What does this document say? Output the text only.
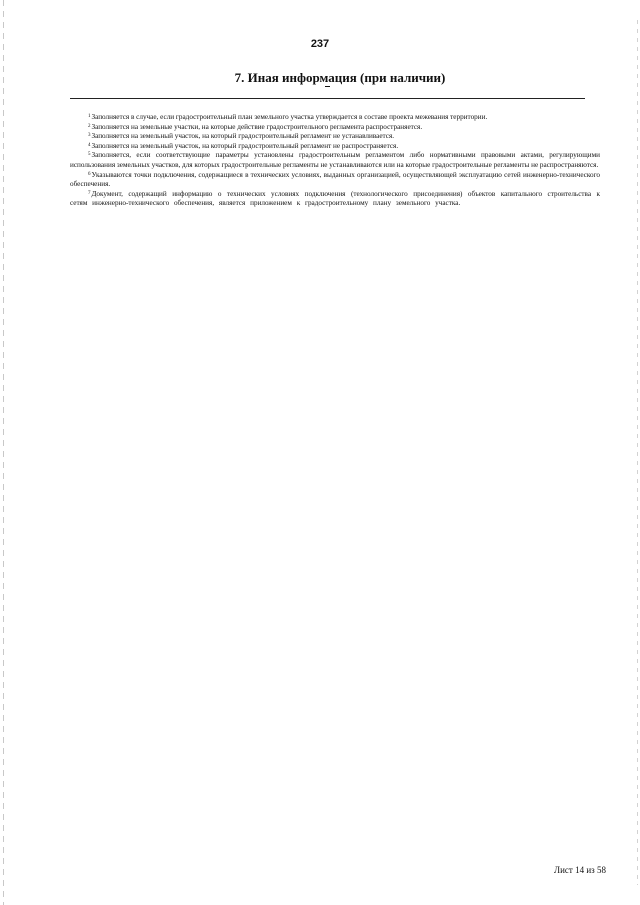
237
7. Иная информация (при наличии)

$^1$Заполняется в случае, если градостроительный план земельного участка утверждается в составе проекта межевания территории.

$^2$Заполняется на земельные участки, на которые действие градостроительного регламента распространяется.

$^3$Заполняется на земельный участок, на который градостроительный регламент не устанавливается.

$^4$Заполняется на земельный участок, на который градостроительный регламент не распространяется.

$^5$Заполняется, если соответствующие параметры установлены градостроительным регламентом либо нормативными правовыми актами, регулирующими использования земельных участков, для которых градостроительные регламенты не устанавливаются или на которые градостроительные регламенты не распространяются.

$^6$Указываются точки подключения, содержащиеся в технических условиях, выданных организацией, осуществляющей эксплуатацию сетей инженерно-технического обеспечения.

$^7$Документ, содержащий информацию о технических условиях подключения (технологического присоединения) объектов капитального строительства к сетям инженерно-технического обеспечения, является приложением к градостроительному плану земельного участка.

Лист 14 из 58
